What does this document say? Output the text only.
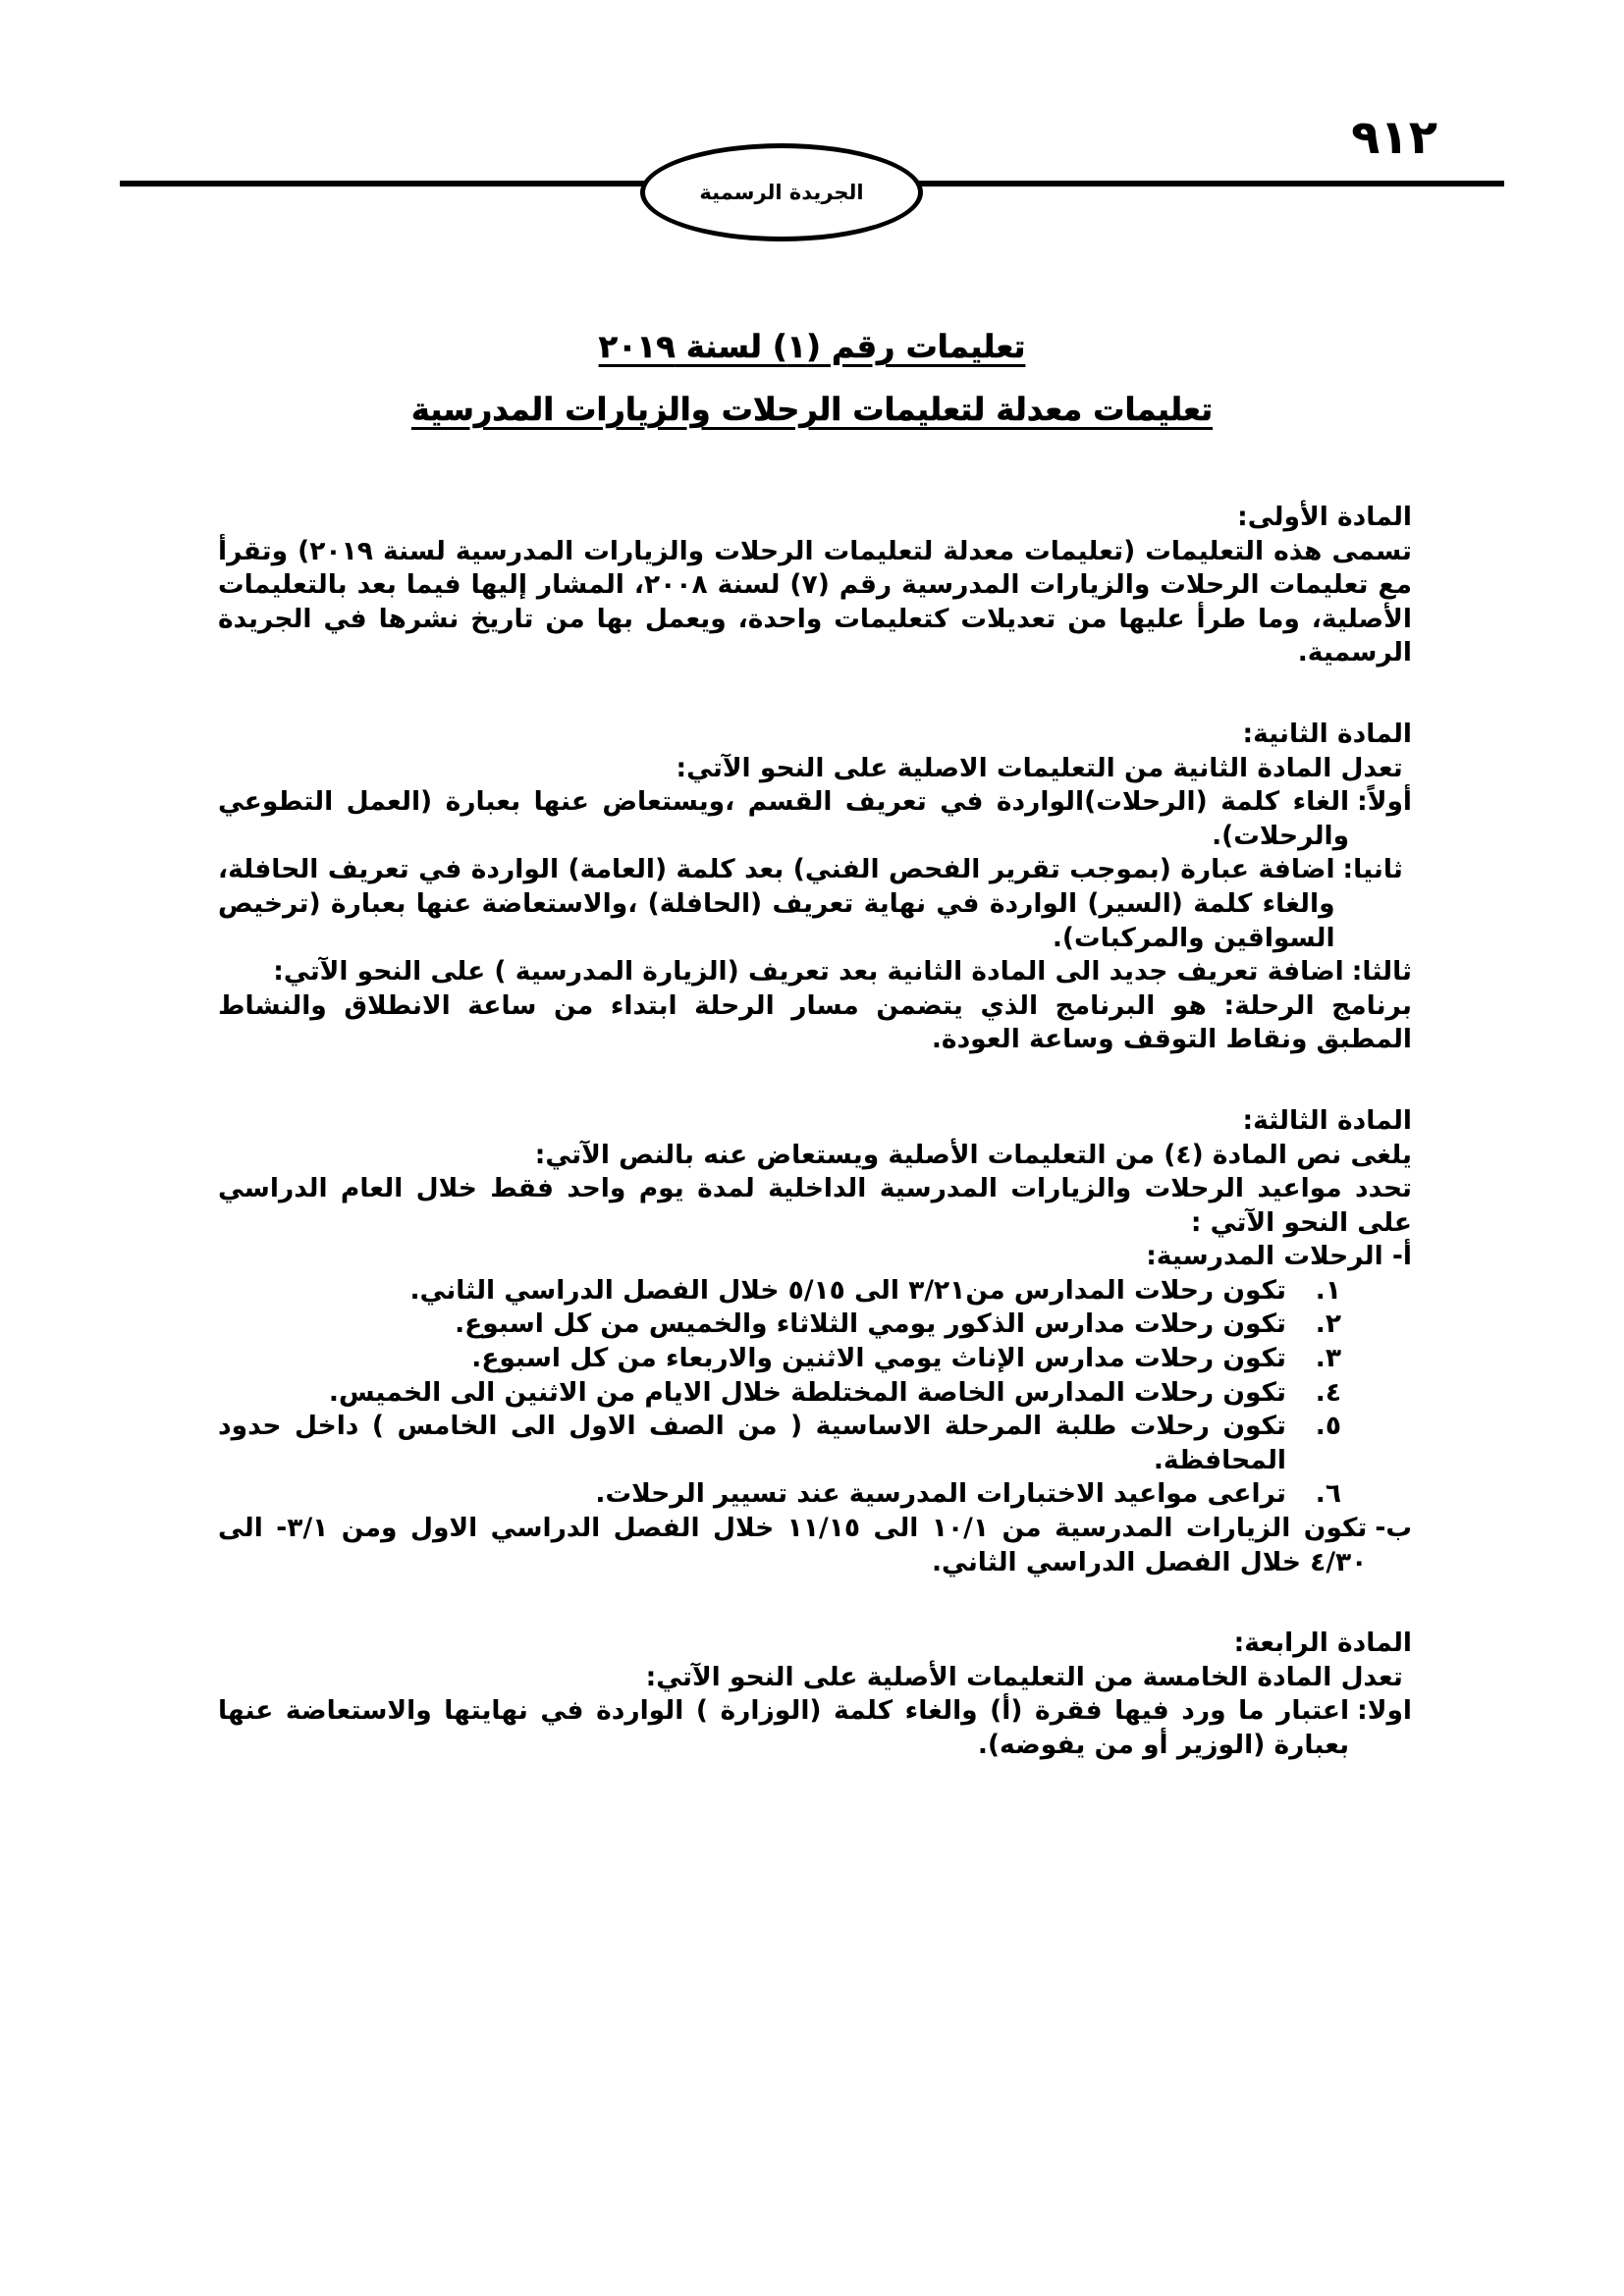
٩١٢
الجريدة الرسمية
تعليمات رقم (١) لسنة ٢٠١٩
تعليمات معدلة لتعليمات الرحلات والزيارات المدرسية

المادة الأولى:

تسمى هذه التعليمات (تعليمات معدلة لتعليمات الرحلات والزيارات المدرسية لسنة ٢٠١٩) وتقرأ مع تعليمات الرحلات والزيارات المدرسية رقم (٧) لسنة ٢٠٠٨، المشار إليها فيما بعد بالتعليمات الأصلية، وما طرأ عليها من تعديلات كتعليمات واحدة، ويعمل بها من تاريخ نشرها في الجريدة الرسمية.

المادة الثانية:

تعدل المادة الثانية من التعليمات الاصلية على النحو الآتي:

أولاً:
الغاء كلمة (الرحلات)الواردة في تعريف القسم ،ويستعاض عنها بعبارة (العمل التطوعي والرحلات).
ثانيا:
اضافة عبارة (بموجب تقرير الفحص الفني) بعد كلمة (العامة) الواردة في تعريف الحافلة، والغاء كلمة (السير) الواردة في نهاية تعريف (الحافلة) ،والاستعاضة عنها بعبارة (ترخيص السواقين والمركبات).
ثالثا:
اضافة تعريف جديد الى المادة الثانية بعد تعريف (الزيارة المدرسية ) على النحو الآتي:

برنامج الرحلة: هو البرنامج الذي يتضمن مسار الرحلة ابتداء من ساعة الانطلاق والنشاط المطبق ونقاط التوقف وساعة العودة.

المادة الثالثة:

يلغى نص المادة (٤) من التعليمات الأصلية ويستعاض عنه بالنص الآتي:

تحدد مواعيد الرحلات والزيارات المدرسية الداخلية لمدة يوم واحد فقط خلال العام الدراسي على النحو الآتي :

أ- الرحلات المدرسية:

١.
تكون رحلات المدارس من٣/٢١ الى ٥/١٥ خلال الفصل الدراسي الثاني.
٢.
تكون رحلات مدارس الذكور يومي الثلاثاء والخميس من كل اسبوع.
٣.
تكون رحلات مدارس الإناث يومي الاثنين والاربعاء من كل اسبوع.
٤.
تكون رحلات المدارس الخاصة المختلطة خلال الايام من الاثنين الى الخميس.
٥.
تكون رحلات طلبة المرحلة الاساسية ( من الصف الاول الى الخامس ) داخل حدود المحافظة.
٦.
تراعى مواعيد الاختبارات المدرسية عند تسيير الرحلات.
ب-
تكون الزيارات المدرسية من ١٠/١ الى ١١/١٥ خلال الفصل الدراسي الاول ومن ٣/١- الى ٤/٣٠ خلال الفصل الدراسي الثاني.

المادة الرابعة:

تعدل المادة الخامسة من التعليمات الأصلية على النحو الآتي:

اولا:
اعتبار ما ورد فيها فقرة (أ) والغاء كلمة (الوزارة ) الواردة في نهايتها والاستعاضة عنها بعبارة (الوزير أو من يفوضه).
